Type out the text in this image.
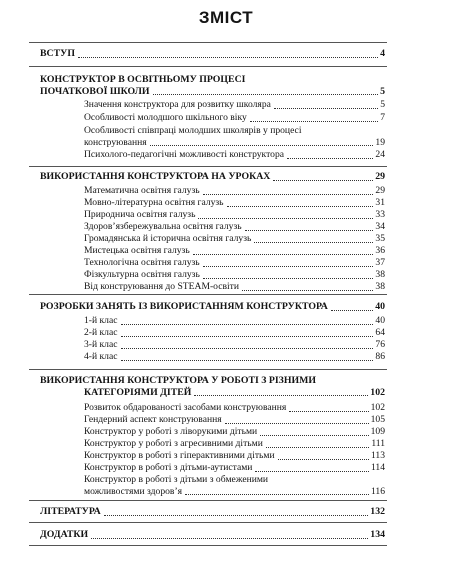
ЗМІСТ
ВСТУП	4
КОНСТРУКТОР В ОСВІТНЬОМУ ПРОЦЕСІ
ПОЧАТКОВОЇ ШКОЛИ	5
Значення конструктора для розвитку школяра	5
Особливості молодшого шкільного віку	7
Особливості співпраці молодших школярів у процесі
конструювання	19
Психолого-педагогічні можливості конструктора	24
ВИКОРИСТАННЯ КОНСТРУКТОРА НА УРОКАХ	29
Математична освітня галузь	29
Мовно-літературна освітня галузь	31
Природнича освітня галузь	33
Здоров’язбережувальна освітня галузь	34
Громадянська й історична освітня галузь	35
Мистецька освітня галузь	36
Технологічна освітня галузь	37
Фізкультурна освітня галузь	38
Від конструювання до STEAM-освіти	38
РОЗРОБКИ ЗАНЯТЬ ІЗ ВИКОРИСТАННЯМ КОНСТРУКТОРА	40
1-й клас	40
2-й клас	64
3-й клас	76
4-й клас	86
ВИКОРИСТАННЯ КОНСТРУКТОРА У РОБОТІ З РІЗНИМИ
КАТЕГОРІЯМИ ДІТЕЙ	102
Розвиток обдарованості засобами конструювання	102
Гендерний аспект конструювання	105
Конструктор у роботі з ліворукими дітьми	109
Конструктор у роботі з агресивними дітьми	111
Конструктор в роботі з гіперактивними дітьми	113
Конструктор в роботі з дітьми-аутистами	114
Конструктор в роботі з дітьми з обмеженими
можливостями здоров’я	116
ЛІТЕРАТУРА	132
ДОДАТКИ	134
